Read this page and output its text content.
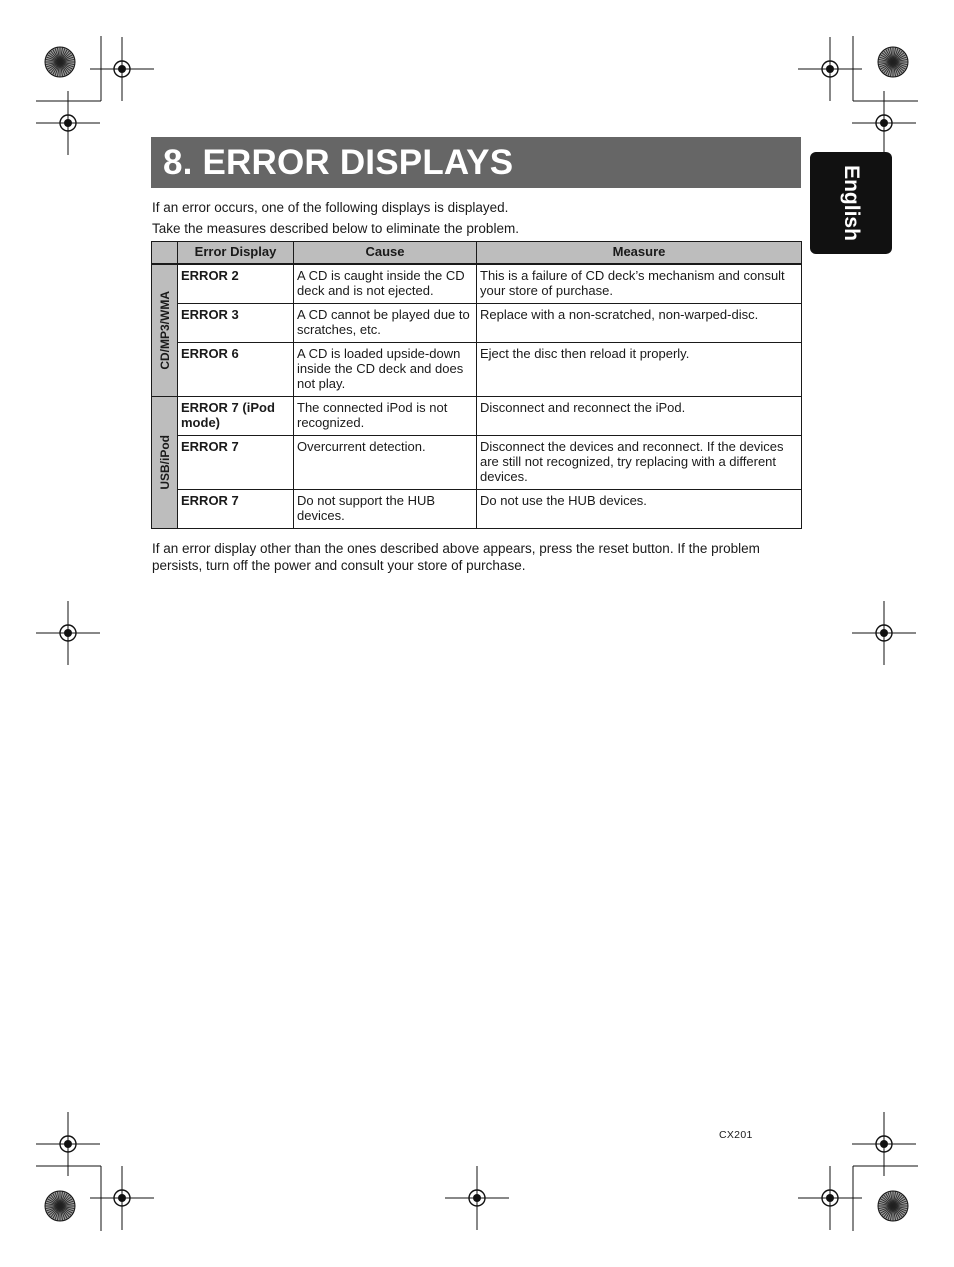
8. ERROR DISPLAYS
English
If an error occurs, one of the following displays is displayed.
Take the measures described below to eliminate the problem.
	Error Display	Cause	Measure

CD/MP3/WMA	ERROR 2	A CD is caught inside the CD deck and is not ejected.	This is a failure of CD deck’s mechanism and consult your store of purchase.
	ERROR 3	A CD cannot be played due to scratches, etc.	Replace with a non-scratched, non-warped-disc.
	ERROR 6	A CD is loaded upside-down inside the CD deck and does not play.	Eject the disc then reload it properly.

USB/iPod	ERROR 7 (iPod mode)	The connected iPod is not recognized.	Disconnect and reconnect the iPod.
	ERROR 7	Overcurrent detection.	Disconnect the devices and reconnect. If the devices are still not recognized, try replacing with a different devices.
	ERROR 7	Do not support the HUB devices.	Do not use the HUB devices.
If an error display other than the ones described above appears, press the reset button. If the problem persists, turn off the power and consult your store of purchase.
CX201
